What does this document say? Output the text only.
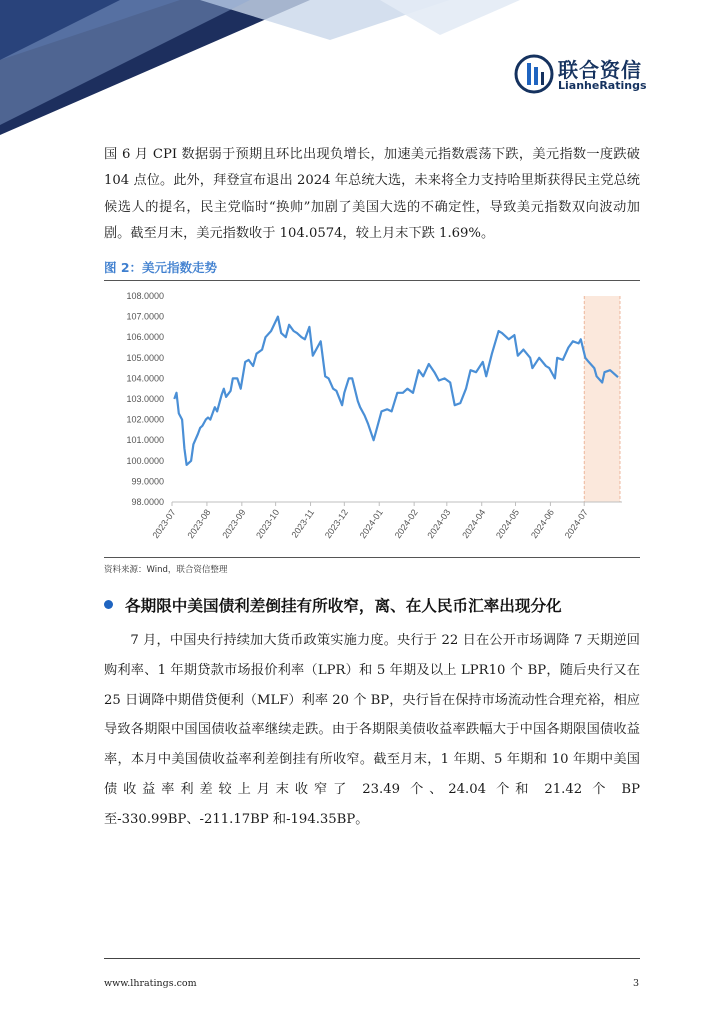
联合资信
LianheRatings

国 6 月 CPI 数据弱于预期且环比出现负增长，加速美元指数震荡下跌，美元指数一度跌破 104 点位。此外，拜登宣布退出 2024 年总统大选，未来将全力支持哈里斯获得民主党总统候选人的提名，民主党临时“换帅”加剧了美国大选的不确定性，导致美元指数双向波动加剧。截至月末，美元指数收于 104.0574，较上月末下跌 1.69%。

图 2：美元指数走势
108.0000
107.0000
106.0000
105.0000
104.0000
103.0000
102.0000
101.0000
100.0000
99.0000
98.0000
2023-07 2023-08 2023-09 2023-10 2023-11 2023-12 2024-01 2024-02 2024-03 2024-04 2024-05 2024-06 2024-07
资料来源：Wind，联合资信整理
各期限中美国债利差倒挂有所收窄，离、在人民币汇率出现分化

7 月，中国央行持续加大货币政策实施力度。央行于 22 日在公开市场调降 7 天期逆回购利率、1 年期贷款市场报价利率（LPR）和 5 年期及以上 LPR10 个 BP，随后央行又在 25 日调降中期借贷便利（MLF）利率 20 个 BP，央行旨在保持市场流动性合理充裕，相应导致各期限中国国债收益率继续走跌。由于各期限美债收益率跌幅大于中国各期限国债收益率，本月中美国债收益率利差倒挂有所收窄。截至月末，1 年期、5 年期和 10 年期中美国债收益率利差较上月末收窄了 23.49 个、24.04 个和 21.42 个 BP 至-330.99BP、-211.17BP 和-194.35BP。

www.lhratings.com	3
